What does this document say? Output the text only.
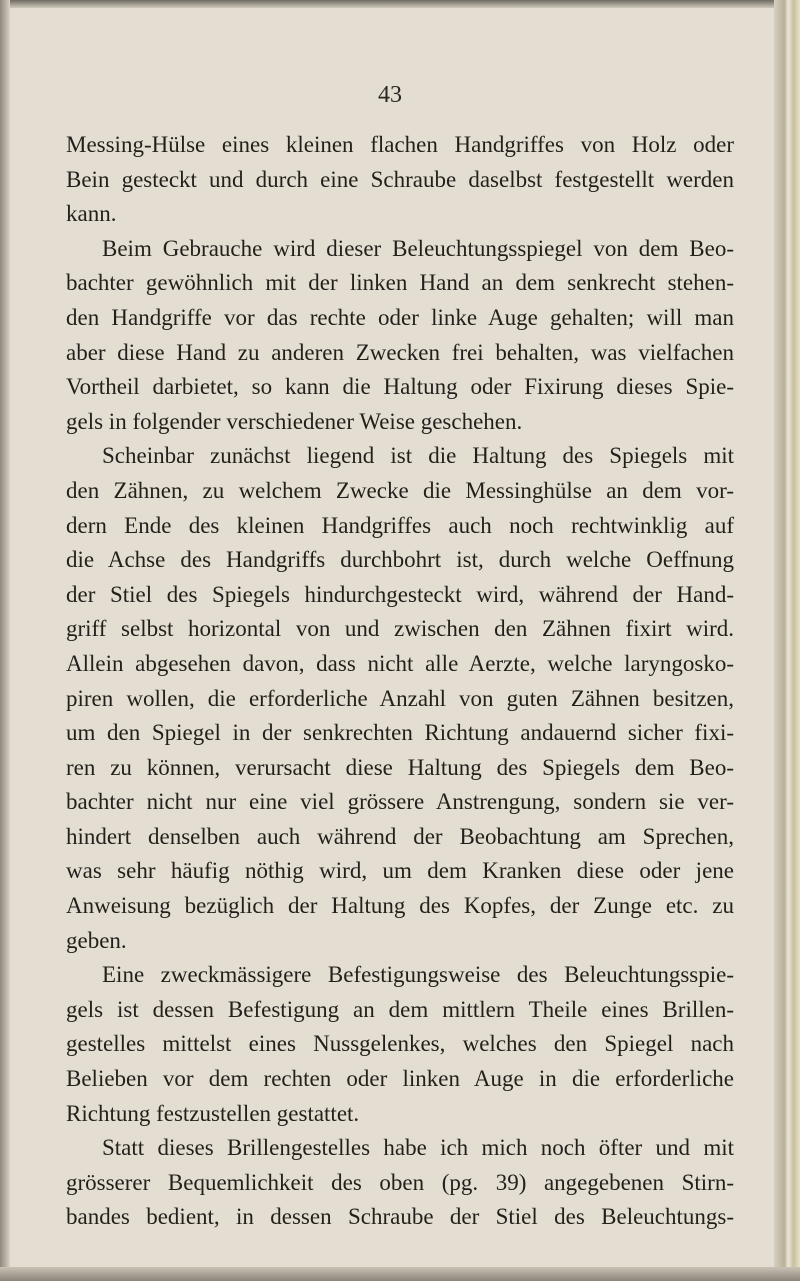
43
Messing-Hülse eines kleinen flachen Handgriffes von Holz oder
Bein gesteckt und durch eine Schraube daselbst festgestellt werden
kann.
Beim Gebrauche wird dieser Beleuchtungsspiegel von dem Beo-
bachter gewöhnlich mit der linken Hand an dem senkrecht stehen-
den Handgriffe vor das rechte oder linke Auge gehalten; will man
aber diese Hand zu anderen Zwecken frei behalten, was vielfachen
Vortheil darbietet, so kann die Haltung oder Fixirung dieses Spie-
gels in folgender verschiedener Weise geschehen.
Scheinbar zunächst liegend ist die Haltung des Spiegels mit
den Zähnen, zu welchem Zwecke die Messinghülse an dem vor-
dern Ende des kleinen Handgriffes auch noch rechtwinklig auf
die Achse des Handgriffs durchbohrt ist, durch welche Oeffnung
der Stiel des Spiegels hindurchgesteckt wird, während der Hand-
griff selbst horizontal von und zwischen den Zähnen fixirt wird.
Allein abgesehen davon, dass nicht alle Aerzte, welche laryngosko-
piren wollen, die erforderliche Anzahl von guten Zähnen besitzen,
um den Spiegel in der senkrechten Richtung andauernd sicher fixi-
ren zu können, verursacht diese Haltung des Spiegels dem Beo-
bachter nicht nur eine viel grössere Anstrengung, sondern sie ver-
hindert denselben auch während der Beobachtung am Sprechen,
was sehr häufig nöthig wird, um dem Kranken diese oder jene
Anweisung bezüglich der Haltung des Kopfes, der Zunge etc. zu
geben.
Eine zweckmässigere Befestigungsweise des Beleuchtungsspie-
gels ist dessen Befestigung an dem mittlern Theile eines Brillen-
gestelles mittelst eines Nussgelenkes, welches den Spiegel nach
Belieben vor dem rechten oder linken Auge in die erforderliche
Richtung festzustellen gestattet.
Statt dieses Brillengestelles habe ich mich noch öfter und mit
grösserer Bequemlichkeit des oben (pg. 39) angegebenen Stirn-
bandes bedient, in dessen Schraube der Stiel des Beleuchtungs-
